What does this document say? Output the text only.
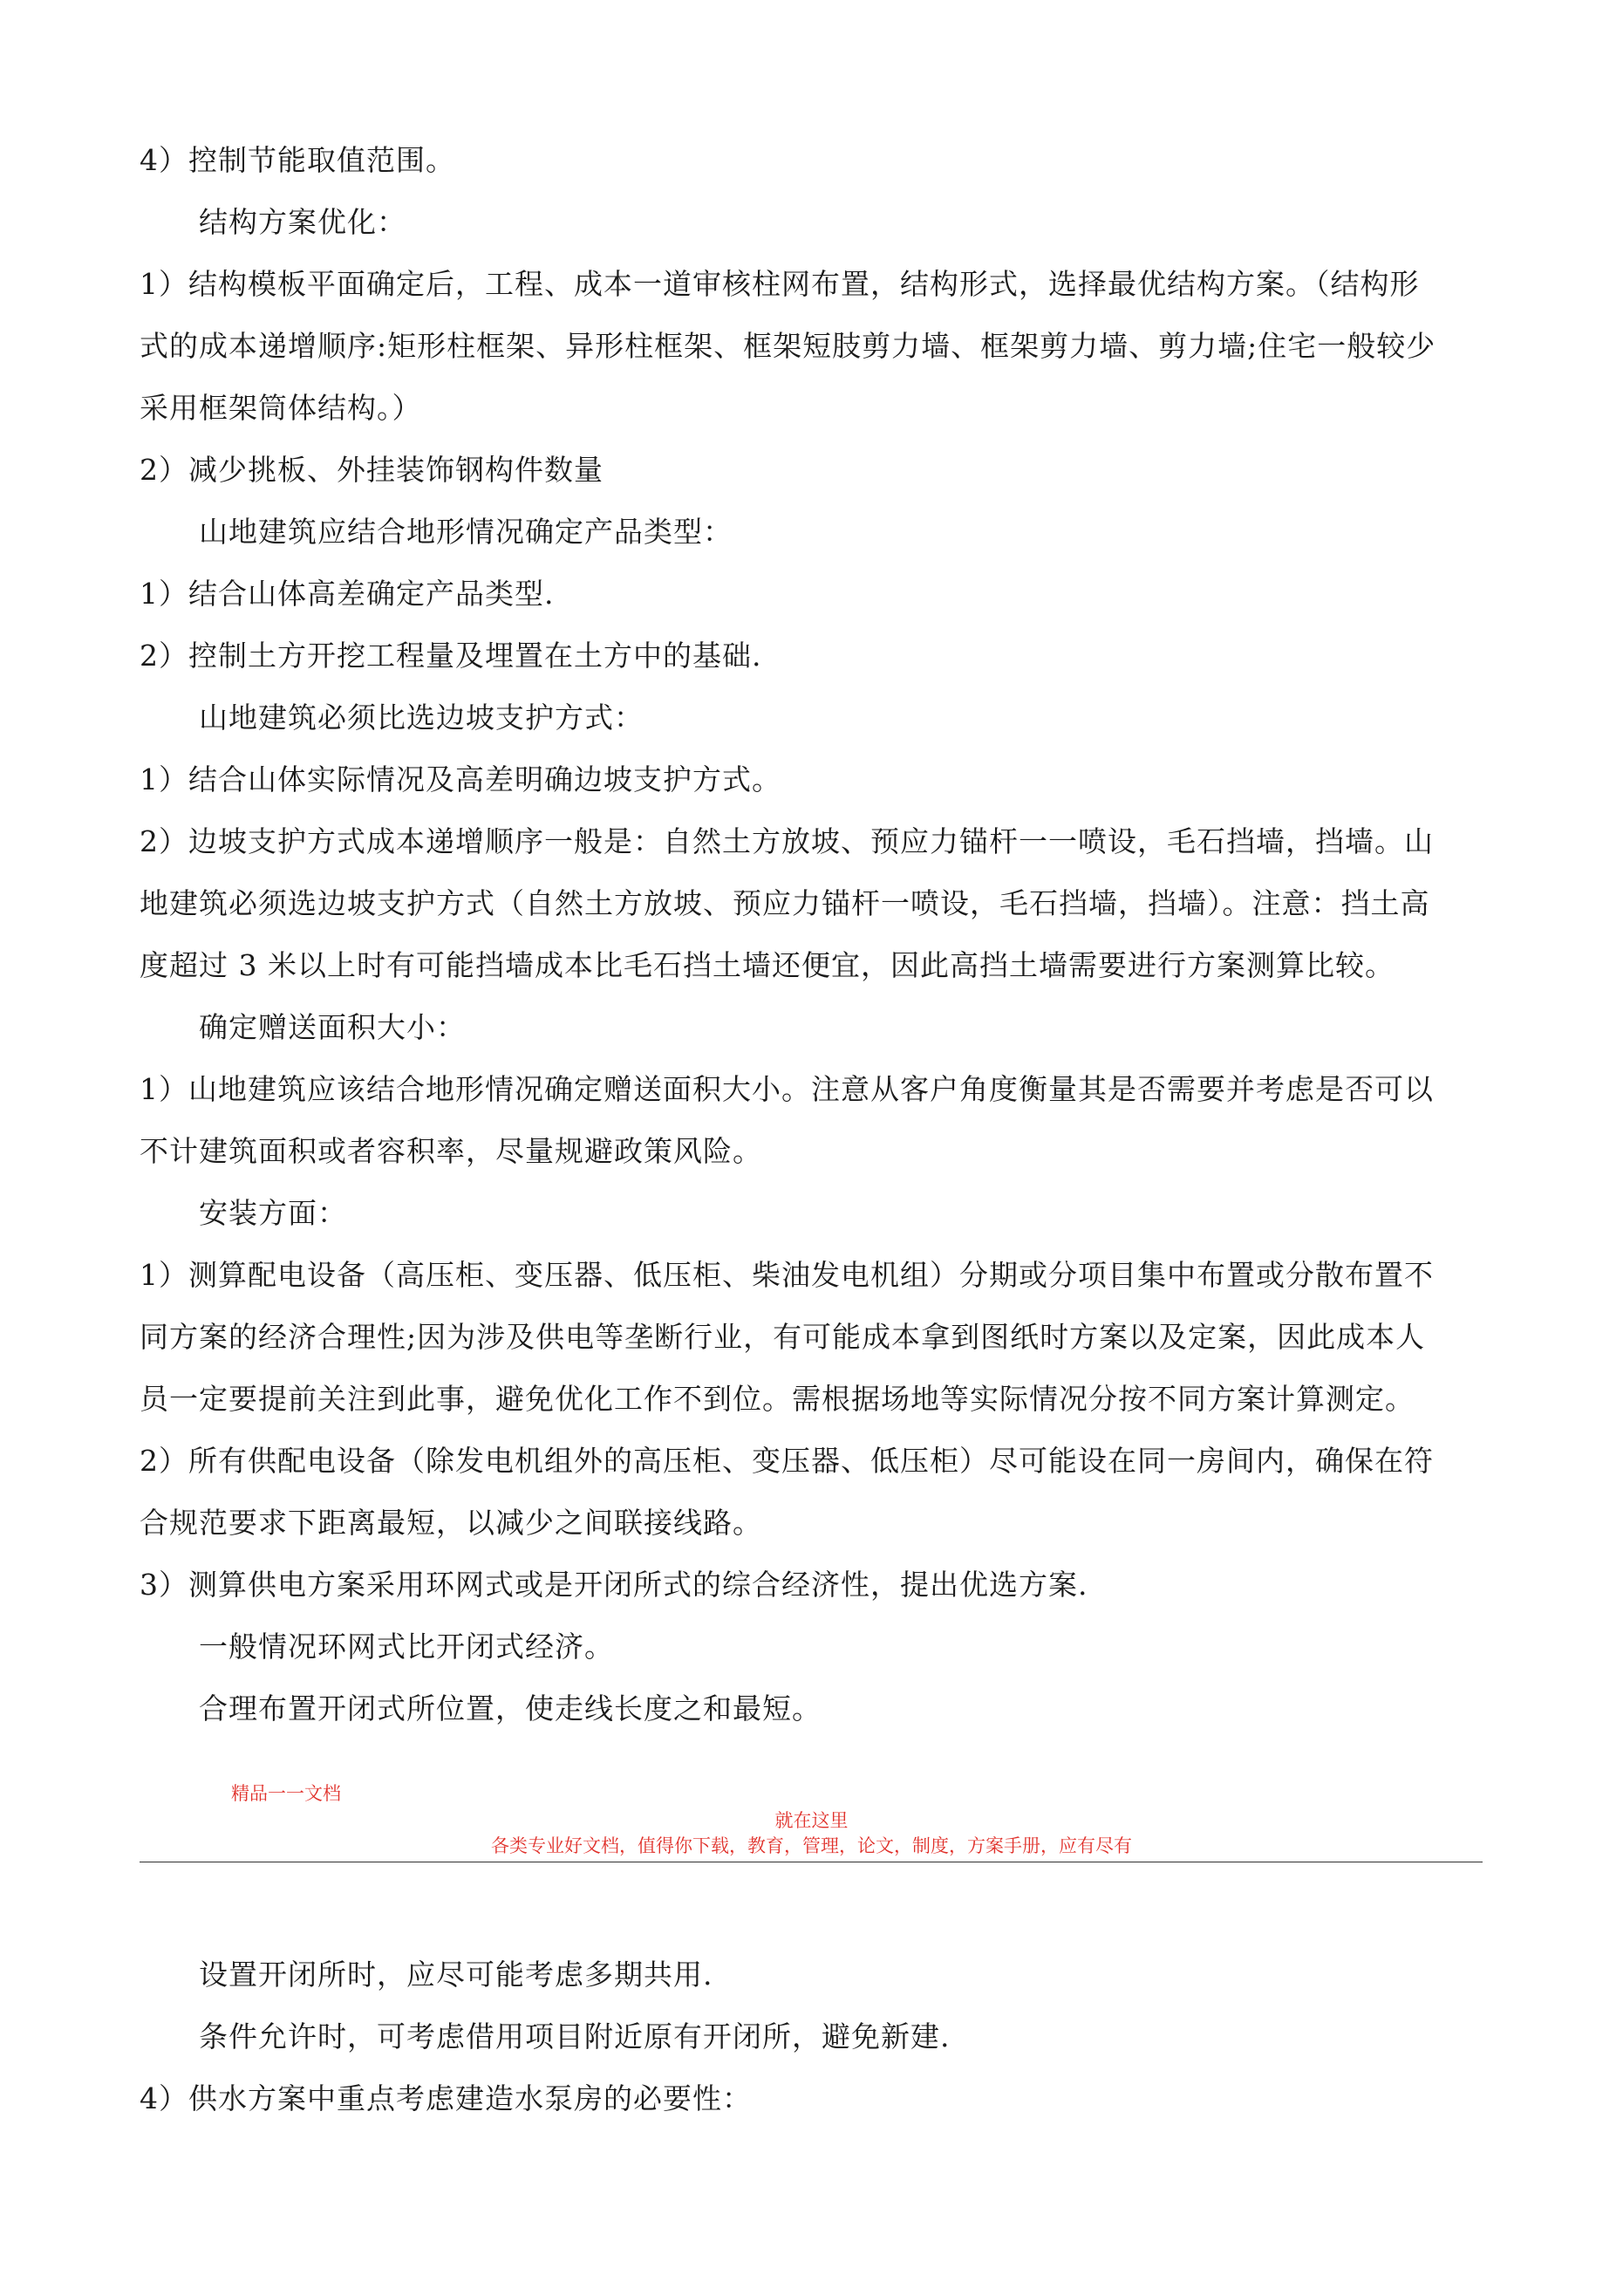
4）控制节能取值范围。
结构方案优化：
1）结构模板平面确定后，工程、成本一道审核柱网布置，结构形式，选择最优结构方案。（结构形
式的成本递增顺序:矩形柱框架、异形柱框架、框架短肢剪力墙、框架剪力墙、剪力墙;住宅一般较少
采用框架筒体结构。）
2）减少挑板、外挂装饰钢构件数量
山地建筑应结合地形情况确定产品类型：
1）结合山体高差确定产品类型.
2）控制土方开挖工程量及埋置在土方中的基础.
山地建筑必须比选边坡支护方式：
1）结合山体实际情况及高差明确边坡支护方式。
2）边坡支护方式成本递增顺序一般是：自然土方放坡、预应力锚杆一一喷设，毛石挡墙，挡墙。山
地建筑必须选边坡支护方式（自然土方放坡、预应力锚杆一喷设，毛石挡墙，挡墙）。注意：挡土高
度超过 3 米以上时有可能挡墙成本比毛石挡土墙还便宜，因此高挡土墙需要进行方案测算比较。
确定赠送面积大小：
1）山地建筑应该结合地形情况确定赠送面积大小。注意从客户角度衡量其是否需要并考虑是否可以
不计建筑面积或者容积率，尽量规避政策风险。
安装方面：
1）测算配电设备（高压柜、变压器、低压柜、柴油发电机组）分期或分项目集中布置或分散布置不
同方案的经济合理性;因为涉及供电等垄断行业，有可能成本拿到图纸时方案以及定案，因此成本人
员一定要提前关注到此事，避免优化工作不到位。需根据场地等实际情况分按不同方案计算测定。
2）所有供配电设备（除发电机组外的高压柜、变压器、低压柜）尽可能设在同一房间内，确保在符
合规范要求下距离最短，以减少之间联接线路。
3）测算供电方案采用环网式或是开闭所式的综合经济性，提出优选方案.
一般情况环网式比开闭式经济。
合理布置开闭式所位置，使走线长度之和最短。
精品一一文档
就在这里
各类专业好文档，值得你下载，教育，管理，论文，制度，方案手册，应有尽有
设置开闭所时，应尽可能考虑多期共用.
条件允许时，可考虑借用项目附近原有开闭所，避免新建.
4）供水方案中重点考虑建造水泵房的必要性：
